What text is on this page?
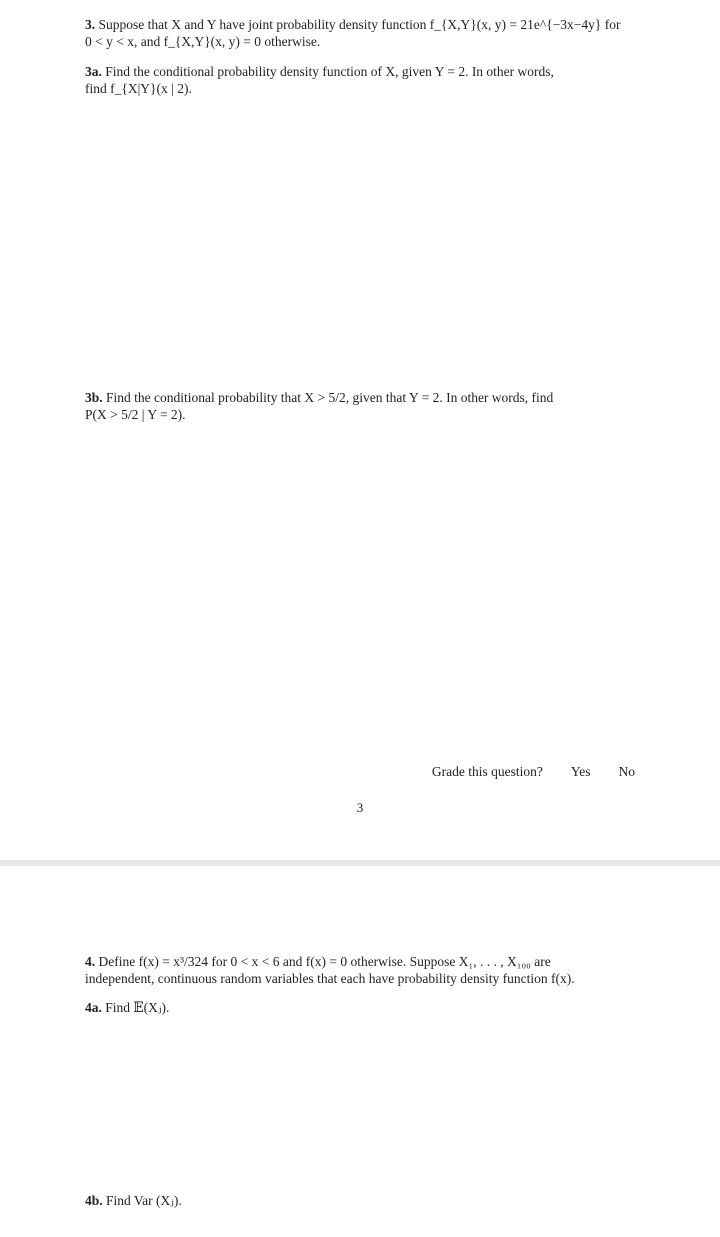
3. Suppose that X and Y have joint probability density function f_{X,Y}(x, y) = 21e^{−3x−4y} for
0 < y < x, and f_{X,Y}(x, y) = 0 otherwise.
3a. Find the conditional probability density function of X, given Y = 2. In other words,
find f_{X|Y}(x | 2).
3b. Find the conditional probability that X > 5/2, given that Y = 2. In other words, find
P(X > 5/2 | Y = 2).
Grade this question? Yes No
3
4. Define f(x) = x³/324 for 0 < x < 6 and f(x) = 0 otherwise. Suppose X₁, . . . , X₁₀₀ are
independent, continuous random variables that each have probability density function f(x).
4a. Find 𝔼(Xⱼ).
4b. Find Var (Xⱼ).
